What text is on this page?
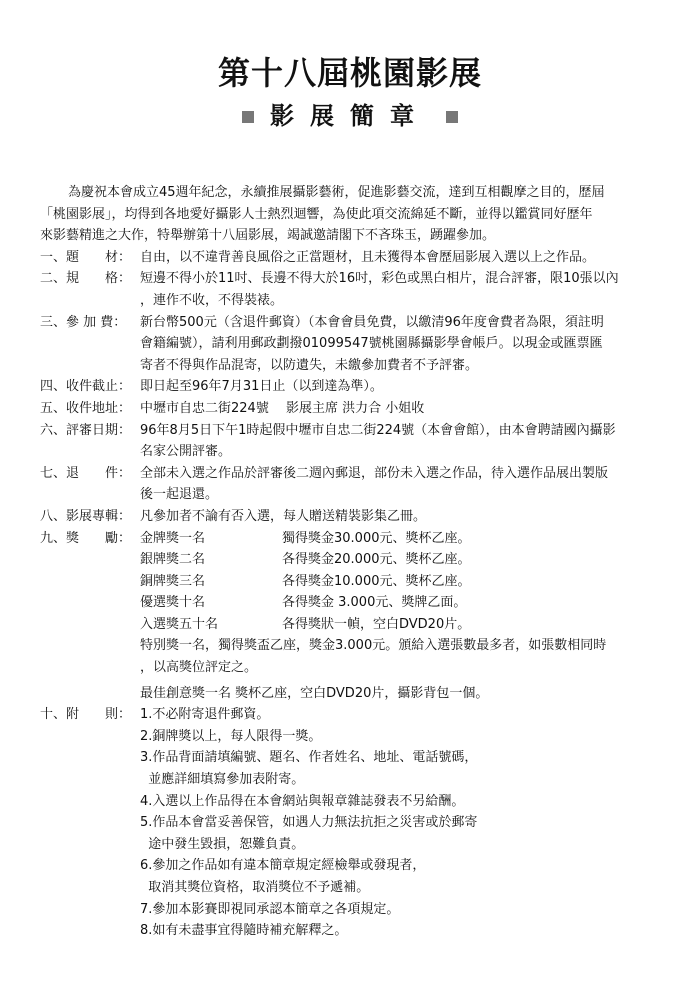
第十八屆桃園影展
影展簡章

為慶祝本會成立45週年紀念，永續推展攝影藝術，促進影藝交流，達到互相觀摩之目的，歷屆

「桃園影展」，均得到各地愛好攝影人士熱烈迴響，為使此項交流綿延不斷，並得以鑑賞同好歷年

來影藝精進之大作，特舉辦第十八屆影展，竭誠邀請閣下不吝珠玉，踴躍參加。

一、題　　材： 自由，以不違背善良風俗之正當題材，且未獲得本會歷屆影展入選以上之作品。
二、規　　格： 短邊不得小於11吋、長邊不得大於16吋，彩色或黑白相片，混合評審，限10張以內
，連作不收，不得裝裱。
三、參 加 費：	新台幣500元（含退件郵資）（本會會員免費，以繳清96年度會費者為限，須註明
會籍編號），請利用郵政劃撥01099547號桃園縣攝影學會帳戶。以現金或匯票匯
寄者不得與作品混寄，以防遺失，未繳參加費者不予評審。
四、收件截止： 即日起至96年7月31日止（以到達為準）。
五、收件地址： 中壢市自忠二街224號　 影展主席 洪力合 小姐收
六、評審日期： 96年8月5日下午1時起假中壢市自忠二街224號（本會會館），由本會聘請國內攝影
名家公開評審。
七、退　　件： 全部未入選之作品於評審後二週內郵退，部份未入選之作品，待入選作品展出製版
後一起退還。
八、影展專輯： 凡參加者不論有否入選，每人贈送精裝影集乙冊。
九、獎　　勵： 金牌獎一名	獨得獎金30.000元、獎杯乙座。
銀牌獎二名	各得獎金20.000元、獎杯乙座。
銅牌獎三名	各得獎金10.000元、獎杯乙座。
優選獎十名	各得獎金 3.000元、獎牌乙面。
入選獎五十名	各得獎狀一幀，空白DVD20片。
特別獎一名，獨得獎盃乙座，獎金3.000元。頒給入選張數最多者，如張數相同時
，以高獎位評定之。
最佳創意獎一名 獎杯乙座，空白DVD20片，攝影背包一個。
十、附　　則： 1.不必附寄退件郵資。
2.銅牌獎以上，每人限得一獎。
3.作品背面請填編號、題名、作者姓名、地址、電話號碼，
並應詳細填寫參加表附寄。
4.入選以上作品得在本會網站與報章雜誌發表不另給酬。
5.作品本會當妥善保管，如遇人力無法抗拒之災害或於郵寄
途中發生毀損，恕難負責。
6.參加之作品如有違本簡章規定經檢舉或發現者，
取消其獎位資格，取消獎位不予遞補。
7.參加本影賽即視同承認本簡章之各項規定。
8.如有未盡事宜得隨時補充解釋之。
